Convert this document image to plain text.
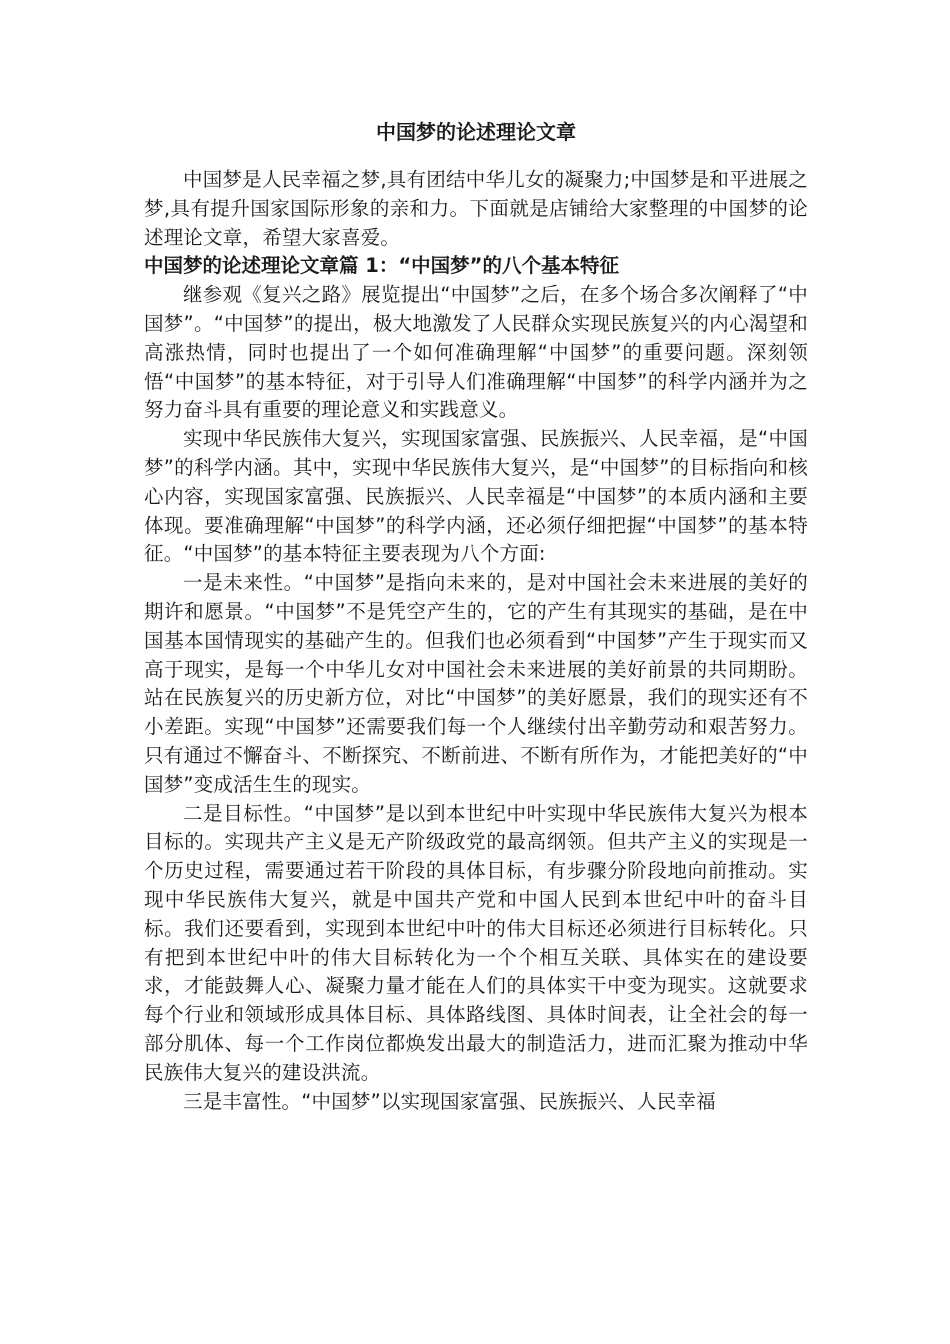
中国梦的论述理论文章

中国梦是人民幸福之梦,具有团结中华儿女的凝聚力;中国梦是和平进展之梦,具有提升国家国际形象的亲和力。下面就是店铺给大家整理的中国梦的论述理论文章，希望大家喜爱。

中国梦的论述理论文章篇 1：“中国梦”的八个基本特征

继参观《复兴之路》展览提出“中国梦”之后，在多个场合多次阐释了“中国梦”。“中国梦”的提出，极大地激发了人民群众实现民族复兴的内心渴望和高涨热情，同时也提出了一个如何准确理解“中国梦”的重要问题。深刻领悟“中国梦”的基本特征，对于引导人们准确理解“中国梦”的科学内涵并为之努力奋斗具有重要的理论意义和实践意义。

实现中华民族伟大复兴，实现国家富强、民族振兴、人民幸福，是“中国梦”的科学内涵。其中，实现中华民族伟大复兴，是“中国梦”的目标指向和核心内容，实现国家富强、民族振兴、人民幸福是“中国梦”的本质内涵和主要体现。要准确理解“中国梦”的科学内涵，还必须仔细把握“中国梦”的基本特征。“中国梦”的基本特征主要表现为八个方面:

一是未来性。“中国梦”是指向未来的，是对中国社会未来进展的美好的期许和愿景。“中国梦”不是凭空产生的，它的产生有其现实的基础，是在中国基本国情现实的基础产生的。但我们也必须看到“中国梦”产生于现实而又高于现实，是每一个中华儿女对中国社会未来进展的美好前景的共同期盼。站在民族复兴的历史新方位，对比“中国梦”的美好愿景，我们的现实还有不小差距。实现“中国梦”还需要我们每一个人继续付出辛勤劳动和艰苦努力。只有通过不懈奋斗、不断探究、不断前进、不断有所作为，才能把美好的“中国梦”变成活生生的现实。

二是目标性。“中国梦”是以到本世纪中叶实现中华民族伟大复兴为根本目标的。实现共产主义是无产阶级政党的最高纲领。但共产主义的实现是一个历史过程，需要通过若干阶段的具体目标，有步骤分阶段地向前推动。实现中华民族伟大复兴，就是中国共产党和中国人民到本世纪中叶的奋斗目标。我们还要看到，实现到本世纪中叶的伟大目标还必须进行目标转化。只有把到本世纪中叶的伟大目标转化为一个个相互关联、具体实在的建设要求，才能鼓舞人心、凝聚力量才能在人们的具体实干中变为现实。这就要求每个行业和领域形成具体目标、具体路线图、具体时间表，让全社会的每一部分肌体、每一个工作岗位都焕发出最大的制造活力，进而汇聚为推动中华民族伟大复兴的建设洪流。

三是丰富性。“中国梦”以实现国家富强、民族振兴、人民幸福
